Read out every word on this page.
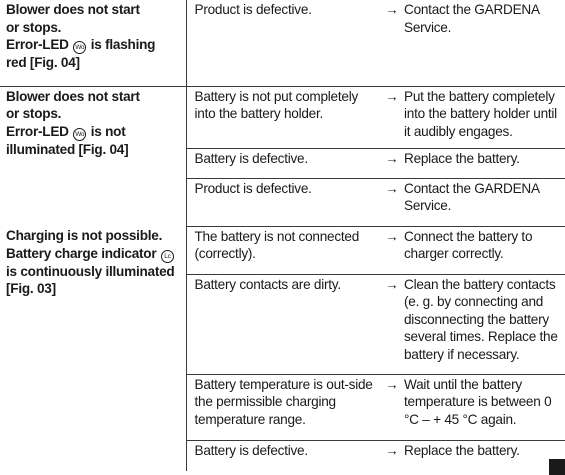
Blower does not start
or stops.
Error-LED Wo is flashing
red [Fig. 04]	Product is defective.	→ Contact the GARDENA Service.

Blower does not start
or stops.
Error-LED Wo is not
illuminated [Fig. 04]	Battery is not put completely into the battery holder.	→ Put the battery completely into the battery holder until it audibly engages.

	Battery is defective.	→ Replace the battery.

	Product is defective.	→ Contact the GARDENA Service.

Charging is not possible.
Battery charge indicator Lc
is continuously illuminated
[Fig. 03]	The battery is not connected (correctly).	→ Connect the battery to charger correctly.

	Battery contacts are dirty.	→ Clean the battery contacts (e. g. by connecting and disconnecting the battery several times. Replace the battery if necessary.

	Battery temperature is out-side the permissible charging temperature range.	→ Wait until the battery temperature is between 0 °C – + 45 °C again.

	Battery is defective.	→ Replace the battery.
